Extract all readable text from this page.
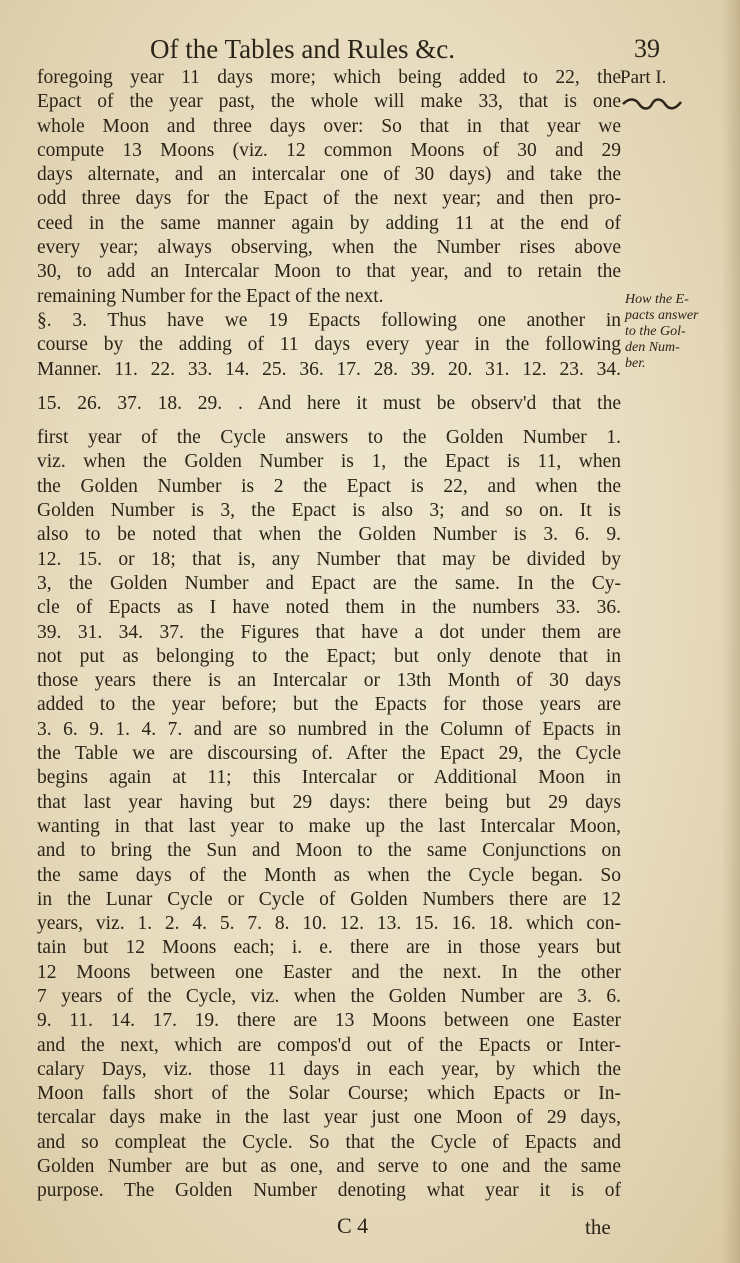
Of the Tables and Rules &c.	39
Part I.
How the E-
pacts answer
to the Gol-
den Num-
ber.
foregoing year 11 days more; which being added to 22, the
Epact of the year past, the whole will make 33, that is one
whole Moon and three days over: So that in that year we
compute 13 Moons (viz. 12 common Moons of 30 and 29
days alternate, and an intercalar one of 30 days) and take the
odd three days for the Epact of the next year; and then pro-
ceed in the same manner again by adding 11 at the end of
every year; always observing, when the Number rises above
30, to add an Intercalar Moon to that year, and to retain the
remaining Number for the Epact of the next.
§. 3. Thus have we 19 Epacts following one another in
course by the adding of 11 days every year in the following
Manner. 11. 22. 33. 14. 25. 36. 17. 28. 39. 20. 31. 12. 23. 34.
15. 26. 37. 18. 29. . And here it must be observ'd that the
first year of the Cycle answers to the Golden Number 1.
viz. when the Golden Number is 1, the Epact is 11, when
the Golden Number is 2 the Epact is 22, and when the
Golden Number is 3, the Epact is also 3; and so on. It is
also to be noted that when the Golden Number is 3. 6. 9.
12. 15. or 18; that is, any Number that may be divided by
3, the Golden Number and Epact are the same. In the Cy-
cle of Epacts as I have noted them in the numbers 33. 36.
39. 31. 34. 37. the Figures that have a dot under them are
not put as belonging to the Epact; but only denote that in
those years there is an Intercalar or 13th Month of 30 days
added to the year before; but the Epacts for those years are
3. 6. 9. 1. 4. 7. and are so numbred in the Column of Epacts in
the Table we are discoursing of. After the Epact 29, the Cycle
begins again at 11; this Intercalar or Additional Moon in
that last year having but 29 days: there being but 29 days
wanting in that last year to make up the last Intercalar Moon,
and to bring the Sun and Moon to the same Conjunctions on
the same days of the Month as when the Cycle began. So
in the Lunar Cycle or Cycle of Golden Numbers there are 12
years, viz. 1. 2. 4. 5. 7. 8. 10. 12. 13. 15. 16. 18. which con-
tain but 12 Moons each; i. e. there are in those years but
12 Moons between one Easter and the next. In the other
7 years of the Cycle, viz. when the Golden Number are 3. 6.
9. 11. 14. 17. 19. there are 13 Moons between one Easter
and the next, which are compos'd out of the Epacts or Inter-
calary Days, viz. those 11 days in each year, by which the
Moon falls short of the Solar Course; which Epacts or In-
tercalar days make in the last year just one Moon of 29 days,
and so compleat the Cycle. So that the Cycle of Epacts and
Golden Number are but as one, and serve to one and the same
purpose. The Golden Number denoting what year it is of
C 4	the
